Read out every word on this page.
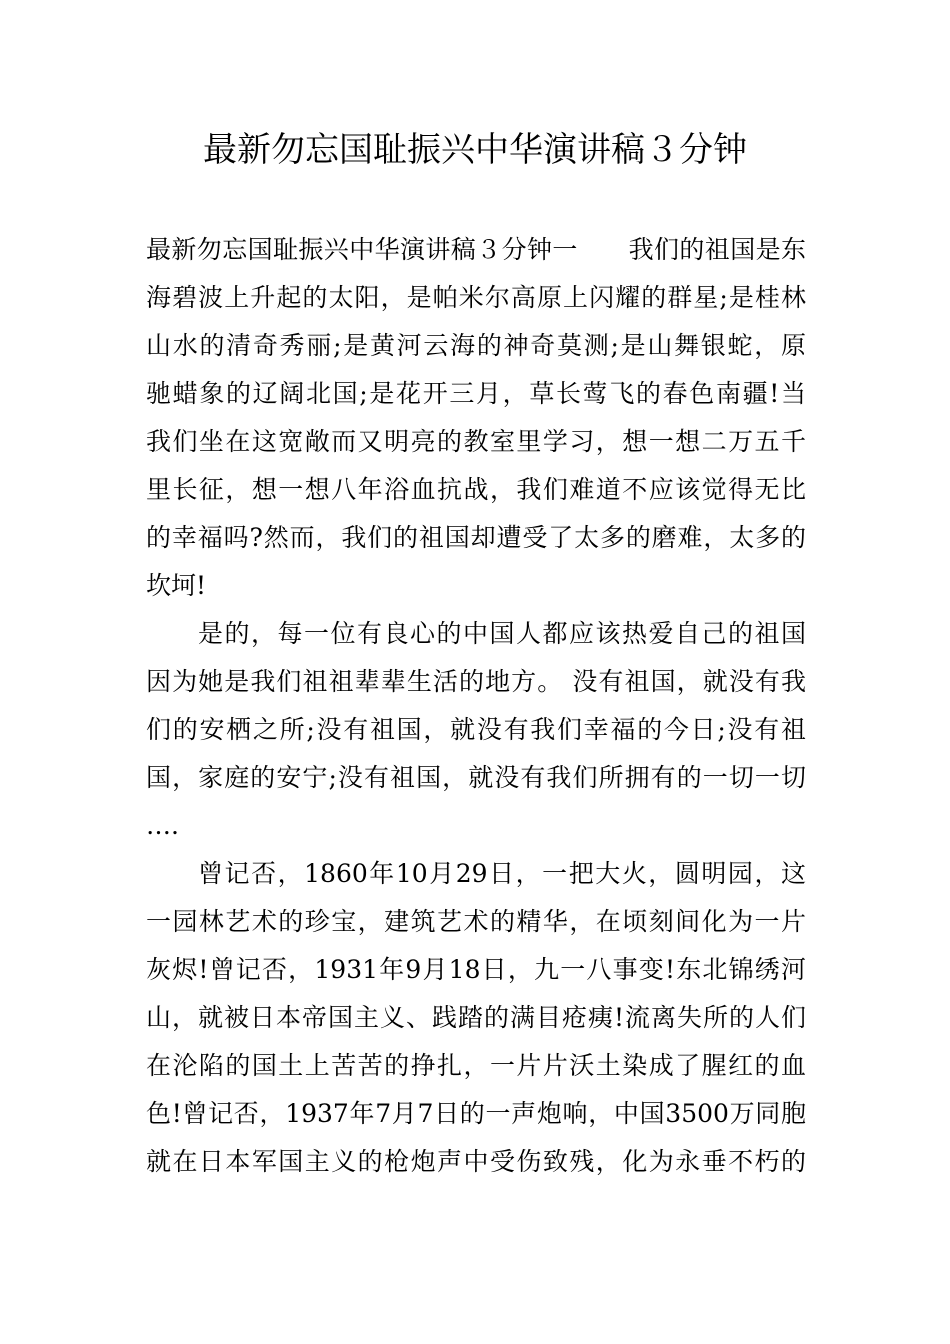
最新勿忘国耻振兴中华演讲稿３分钟
最新勿忘国耻振兴中华演讲稿３分钟一　　我们的祖国是东
海碧波上升起的太阳，是帕米尔高原上闪耀的群星;是桂林
山水的清奇秀丽;是黄河云海的神奇莫测;是山舞银蛇，原
驰蜡象的辽阔北国;是花开三月，草长莺飞的春色南疆!当
我们坐在这宽敞而又明亮的教室里学习，想一想二万五千
里长征，想一想八年浴血抗战，我们难道不应该觉得无比
的幸福吗?然而，我们的祖国却遭受了太多的磨难，太多的
坎坷!
是的，每一位有良心的中国人都应该热爱自己的祖国
因为她是我们祖祖辈辈生活的地方。 没有祖国，就没有我
们的安栖之所;没有祖国，就没有我们幸福的今日;没有祖
国，家庭的安宁;没有祖国，就没有我们所拥有的一切一切
….
曾记否，1860年10月29日，一把大火，圆明园，这
一园林艺术的珍宝，建筑艺术的精华，在顷刻间化为一片
灰烬!曾记否，1931年9月18日，九一八事变!东北锦绣河
山，就被日本帝国主义、践踏的满目疮痍!流离失所的人们
在沦陷的国土上苦苦的挣扎，一片片沃土染成了腥红的血
色!曾记否，1937年7月7日的一声炮响，中国3500万同胞
就在日本军国主义的枪炮声中受伤致残，化为永垂不朽的
